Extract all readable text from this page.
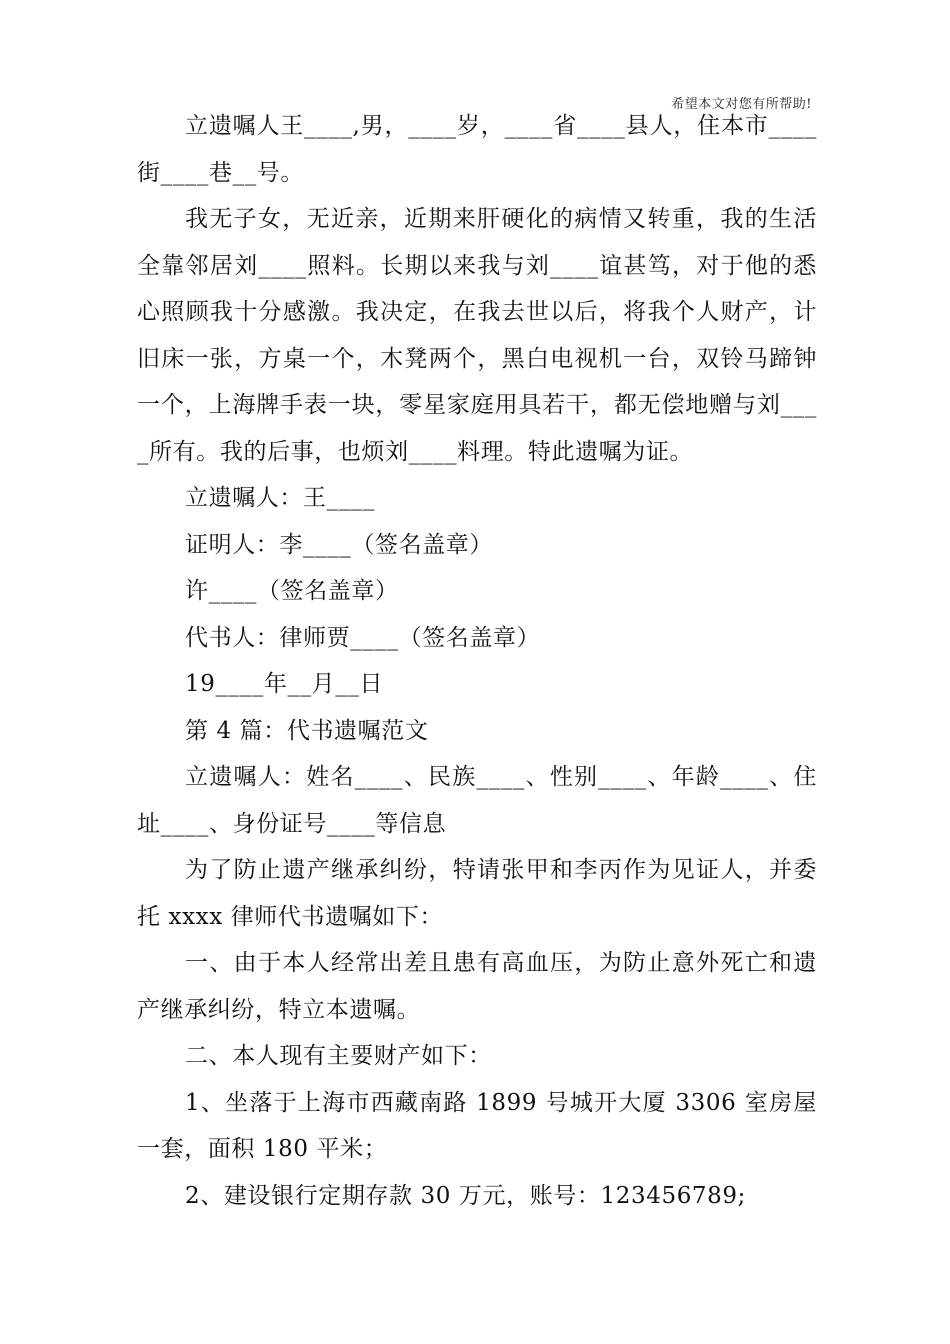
希望本文对您有所帮助!

立遗嘱人王____,男，____岁，____省____县人，住本市____街____巷__号。

我无子女，无近亲，近期来肝硬化的病情又转重，我的生活全靠邻居刘____照料。长期以来我与刘____谊甚笃，对于他的悉心照顾我十分感激。我决定，在我去世以后，将我个人财产，计旧床一张，方桌一个，木凳两个，黑白电视机一台，双铃马蹄钟一个，上海牌手表一块，零星家庭用具若干，都无偿地赠与刘____所有。我的后事，也烦刘____料理。特此遗嘱为证。

立遗嘱人：王____

证明人：李____（签名盖章）

许____（签名盖章）

代书人：律师贾____（签名盖章）

19____年__月__日

第 4 篇：代书遗嘱范文

立遗嘱人：姓名____、民族____、性别____、年龄____、住址____、身份证号____等信息

为了防止遗产继承纠纷，特请张甲和李丙作为见证人，并委托 xxxx 律师代书遗嘱如下：

一、由于本人经常出差且患有高血压，为防止意外死亡和遗产继承纠纷，特立本遗嘱。

二、本人现有主要财产如下：

1、坐落于上海市西藏南路 1899 号城开大厦 3306 室房屋一套，面积 180 平米；

2、建设银行定期存款 30 万元，账号：123456789;
